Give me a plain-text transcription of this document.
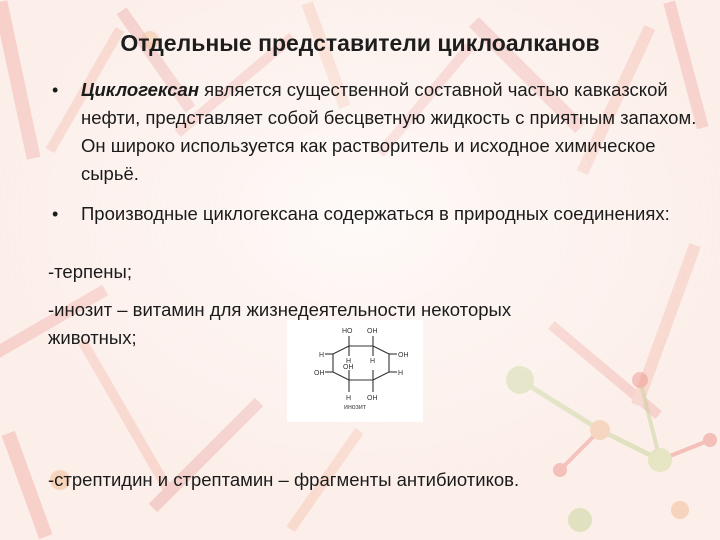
Отдельные представители циклоалканов
• Циклогексан является существенной составной частью кавказской нефти, представляет собой бесцветную жидкость с приятным запахом. Он широко используется как растворитель и исходное химическое сырьё.
• Производные циклогексана содержаться в природных соединениях:
-терпены;
-инозит – витамин для жизнедеятельности некоторых
животных;
-стрептидин и стрептамин – фрагменты антибиотиков.
HO OH
H	OH
H	H
OH
OH	H
H OH
инозит
